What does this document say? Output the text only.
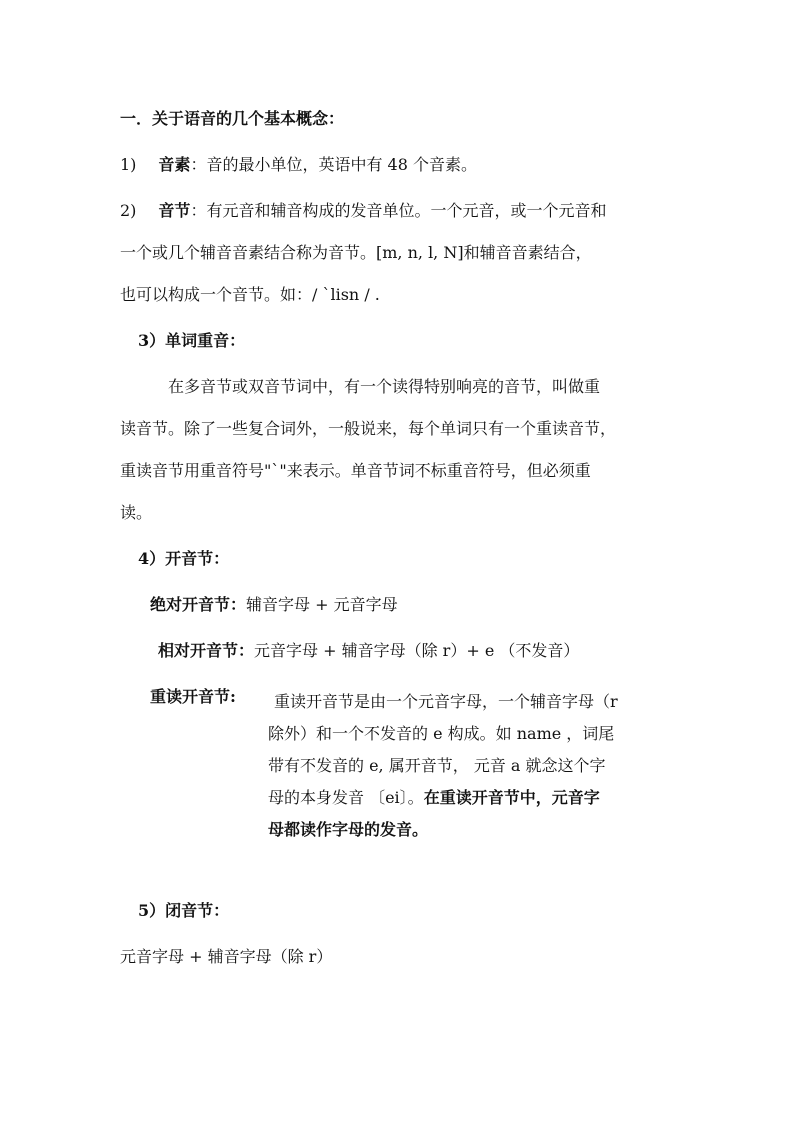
一．关于语音的几个基本概念：
1) 音素：音的最小单位，英语中有 48 个音素。
2) 音节：有元音和辅音构成的发音单位。一个元音，或一个元音和
一个或几个辅音音素结合称为音节。[m, n, l, N]和辅音音素结合，
也可以构成一个音节。如：/ `lisn / .
3）单词重音：
在多音节或双音节词中，有一个读得特别响亮的音节，叫做重
读音节。除了一些复合词外，一般说来，每个单词只有一个重读音节，
重读音节用重音符号"`"来表示。单音节词不标重音符号，但必须重
读。
4）开音节：
绝对开音节：辅音字母 + 元音字母
相对开音节：元音字母 + 辅音字母（除 r）+ e （不发音）
重读开音节:	重读开音节是由一个元音字母，一个辅音字母（r
除外）和一个不发音的 e 构成。如 name ，词尾
带有不发音的 e, 属开音节， 元音 a 就念这个字
母的本身发音 〔ei〕。在重读开音节中，元音字
母都读作字母的发音。
5）闭音节：
元音字母 + 辅音字母（除 r）
